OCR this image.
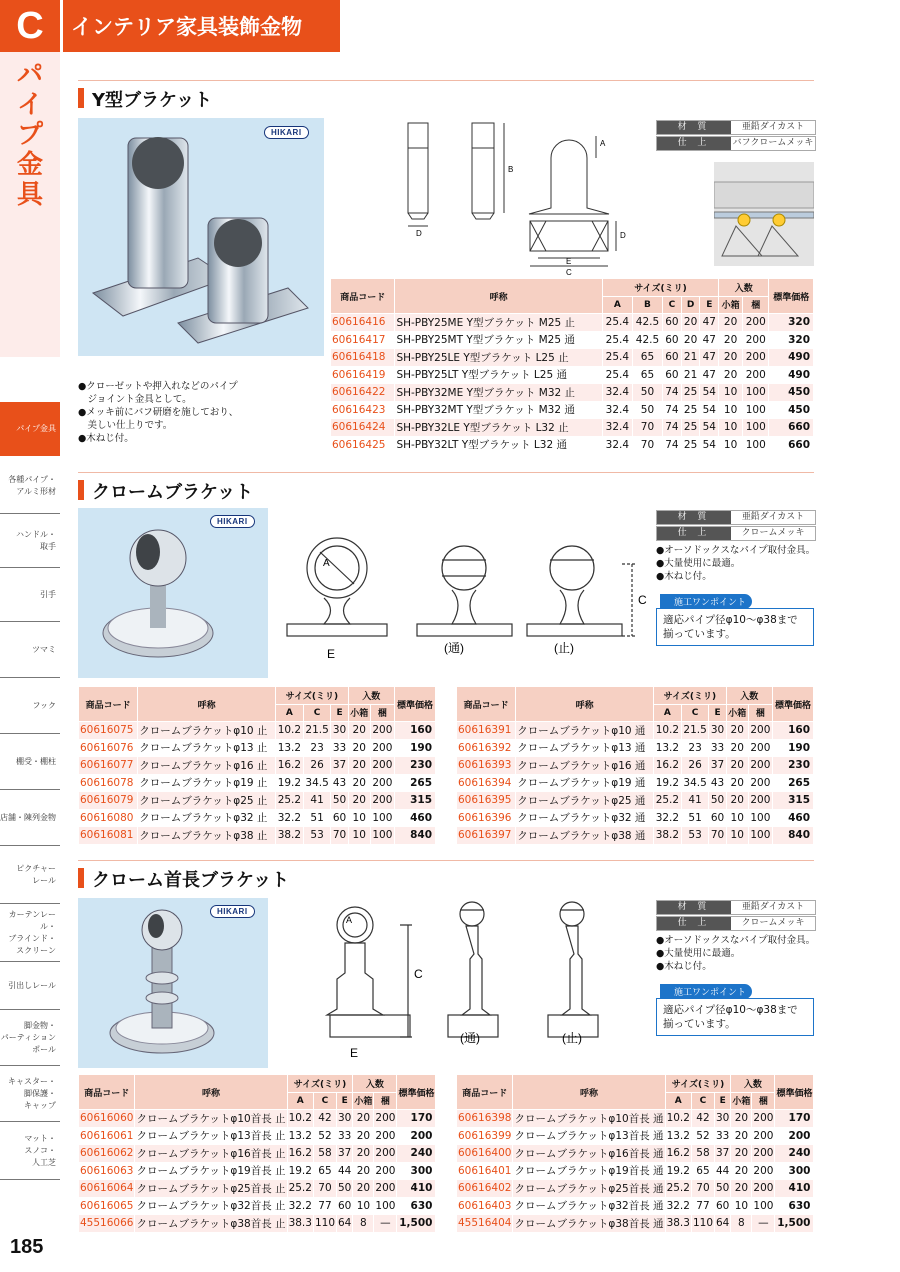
C	インテリア家具装飾金物
パイプ金具
パイプ金具
各種パイプ・
アルミ形材
ハンドル・
取手
引手
ツマミ
フック
棚受・棚柱
店舗・陳列金物
ピクチャー
レール
カーテンレール・
ブラインド・
スクリーン
引出しレール
脚金物・
パーティション
ポール
キャスター・
脚保護・
キャップ
マット・
スノコ・
人工芝
185
Y型ブラケット
HIKARI
A
B
D
D
E
C
材 質	亜鉛ダイカスト
仕 上	バフクロームメッキ
●クローゼットや押入れなどのパイプ
　ジョイント金具として。
●メッキ前にバフ研磨を施しており、
　美しい仕上りです。
●木ねじ付。
商品コード	呼称	サイズ(ミリ)					入数		標準価格
		A	B	C	D	E	小箱	梱	
60616416	SH-PBY25ME Y型ブラケット M25 止	25.4	42.5	60	20	47	20	200	320
60616417	SH-PBY25MT Y型ブラケット M25 通	25.4	42.5	60	20	47	20	200	320
60616418	SH-PBY25LE Y型ブラケット L25 止	25.4	65	60	21	47	20	200	490
60616419	SH-PBY25LT Y型ブラケット L25 通	25.4	65	60	21	47	20	200	490
60616422	SH-PBY32ME Y型ブラケット M32 止	32.4	50	74	25	54	10	100	450
60616423	SH-PBY32MT Y型ブラケット M32 通	32.4	50	74	25	54	10	100	450
60616424	SH-PBY32LE Y型ブラケット L32 止	32.4	70	74	25	54	10	100	660
60616425	SH-PBY32LT Y型ブラケット L32 通	32.4	70	74	25	54	10	100	660
クロームブラケット
HIKARI
A
C
E	(通)	(止)
材 質	亜鉛ダイカスト
仕 上	クロームメッキ
●オーソドックスなパイプ取付金具。
●大量使用に最適。
●木ねじ付。
施工ワンポイント
適応パイプ径φ10～φ38まで
揃っています。
商品コード	呼称	サイズ(ミリ)			入数		標準価格
		A	C	E	小箱	梱	
60616075	クロームブラケットφ10 止	10.2	21.5	30	20	200	160
60616076	クロームブラケットφ13 止	13.2	23	33	20	200	190
60616077	クロームブラケットφ16 止	16.2	26	37	20	200	230
60616078	クロームブラケットφ19 止	19.2	34.5	43	20	200	265
60616079	クロームブラケットφ25 止	25.2	41	50	20	200	315
60616080	クロームブラケットφ32 止	32.2	51	60	10	100	460
60616081	クロームブラケットφ38 止	38.2	53	70	10	100	840
商品コード	呼称	サイズ(ミリ)			入数		標準価格
		A	C	E	小箱	梱	
60616391	クロームブラケットφ10 通	10.2	21.5	30	20	200	160
60616392	クロームブラケットφ13 通	13.2	23	33	20	200	190
60616393	クロームブラケットφ16 通	16.2	26	37	20	200	230
60616394	クロームブラケットφ19 通	19.2	34.5	43	20	200	265
60616395	クロームブラケットφ25 通	25.2	41	50	20	200	315
60616396	クロームブラケットφ32 通	32.2	51	60	10	100	460
60616397	クロームブラケットφ38 通	38.2	53	70	10	100	840
クローム首長ブラケット
HIKARI
A
C
E
(通)	(止)
材 質	亜鉛ダイカスト
仕 上	クロームメッキ
●オーソドックスなパイプ取付金具。
●大量使用に最適。
●木ねじ付。
施工ワンポイント
適応パイプ径φ10～φ38まで
揃っています。
商品コード	呼称	サイズ(ミリ)			入数		標準価格
		A	C	E	小箱	梱	
60616060	クロームブラケットφ10首長 止	10.2	42	30	20	200	170
60616061	クロームブラケットφ13首長 止	13.2	52	33	20	200	200
60616062	クロームブラケットφ16首長 止	16.2	58	37	20	200	240
60616063	クロームブラケットφ19首長 止	19.2	65	44	20	200	300
60616064	クロームブラケットφ25首長 止	25.2	70	50	20	200	410
60616065	クロームブラケットφ32首長 止	32.2	77	60	10	100	630
45516066	クロームブラケットφ38首長 止	38.3	110	64	8	—	1,500
商品コード	呼称	サイズ(ミリ)			入数		標準価格
		A	C	E	小箱	梱	
60616398	クロームブラケットφ10首長 通	10.2	42	30	20	200	170
60616399	クロームブラケットφ13首長 通	13.2	52	33	20	200	200
60616400	クロームブラケットφ16首長 通	16.2	58	37	20	200	240
60616401	クロームブラケットφ19首長 通	19.2	65	44	20	200	300
60616402	クロームブラケットφ25首長 通	25.2	70	50	20	200	410
60616403	クロームブラケットφ32首長 通	32.2	77	60	10	100	630
45516404	クロームブラケットφ38首長 通	38.3	110	64	8	—	1,500
